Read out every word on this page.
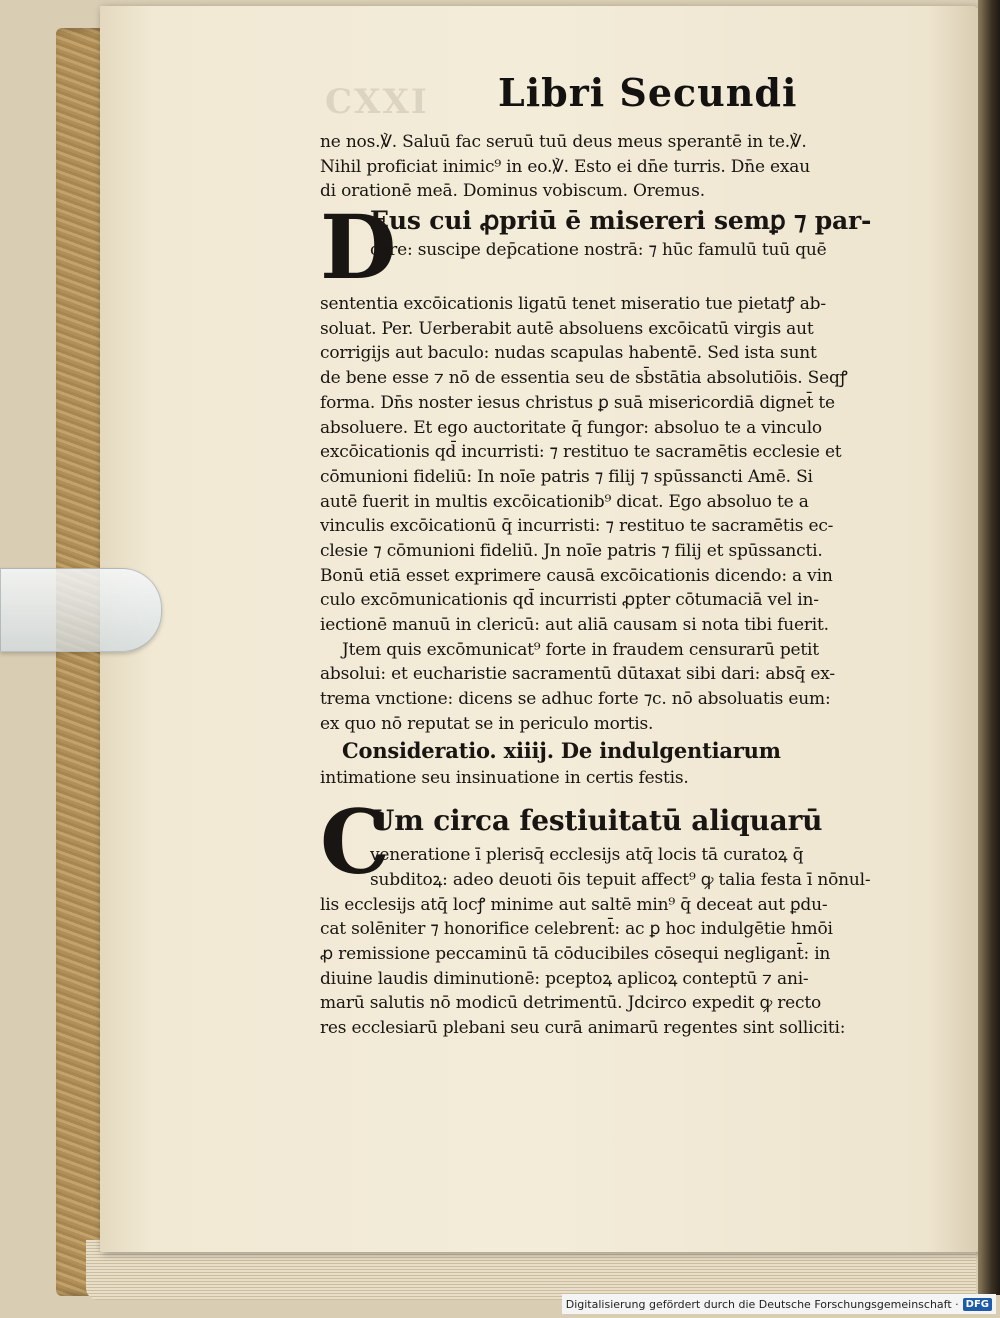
CXXI Libri Secundi
ne nos.℣. Saluū fac seruū tuū deus meus sperantē in te.℣.
Nihil proficiat inimic⁹ in eo.℣. Esto ei dn̄e turris. Dn̄e exau
di orationē meā. Dominus vobiscum. Oremus.
D
Eus cui ꝓpriū ē misereri semꝑ ⁊ par-
cere: suscipe dep̄catione nostrā: ⁊ hūc famulū tuū quē
sententia excōicationis ligatū tenet miseratio tue pietatꝭ ab-
soluat. Per. Uerberabit autē absoluens excōicatū virgis aut
corrigijs aut baculo: nudas scapulas habentē. Sed ista sunt
de bene esse ⁊ nō de essentia seu de sb̄stātia absolutiōis. Seqꝭ
forma. Dn̄s noster iesus christus ꝑ suā misericordiā dignet̄ te
absoluere. Et ego auctoritate q̄ fungor: absoluo te a vinculo
excōicationis qd̄ incurristi: ⁊ restituo te sacramētis ecclesie et
cōmunioni fideliū: In noīe patris ⁊ filij ⁊ spūssancti Amē. Si
autē fuerit in multis excōicationib⁹ dicat. Ego absoluo te a
vinculis excōicationū q̄ incurristi: ⁊ restituo te sacramētis ec-
clesie ⁊ cōmunioni fideliū. Jn noīe patris ⁊ filij et spūssancti.
Bonū etiā esset exprimere causā excōicationis dicendo: a vin
culo excōmunicationis qd̄ incurristi ꝓpter cōtumaciā vel in-
iectionē manuū in clericū: aut aliā causam si nota tibi fuerit.
Jtem quis excōmunicat⁹ forte in fraudem censurarū petit
absolui: et eucharistie sacramentū dūtaxat sibi dari: absq̄ ex-
trema vnctione: dicens se adhuc forte ⁊c. nō absoluatis eum:
ex quo nō reputat se in periculo mortis.
Consideratio. xiiij. De indulgentiarum
intimatione seu insinuatione in certis festis.
C
Um circa festiuitatū aliquarū
veneratione ī plerisq̄ ecclesijs atq̄ locis tā curatoꝝ q̄
subditoꝝ: adeo deuoti ōis tepuit affect⁹ ꝙ talia festa ī nōnul-
lis ecclesijs atq̄ locꝭ minime aut saltē min⁹ q̄ deceat aut ꝑdu-
cat solēniter ⁊ honorifice celebrent̄: ac ꝑ hoc indulgētie hmōi
ꝓ remissione peccaminū tā cōducibiles cōsequi negligant̄: in
diuine laudis diminutionē: pceptoꝝ aplicoꝝ conteptū ⁊ ani-
marū salutis nō modicū detrimentū. Jdcirco expedit ꝙ recto
res ecclesiarū plebani seu curā animarū regentes sint solliciti:
Digitalisierung gefördert durch die Deutsche Forschungsgemeinschaft · DFG
